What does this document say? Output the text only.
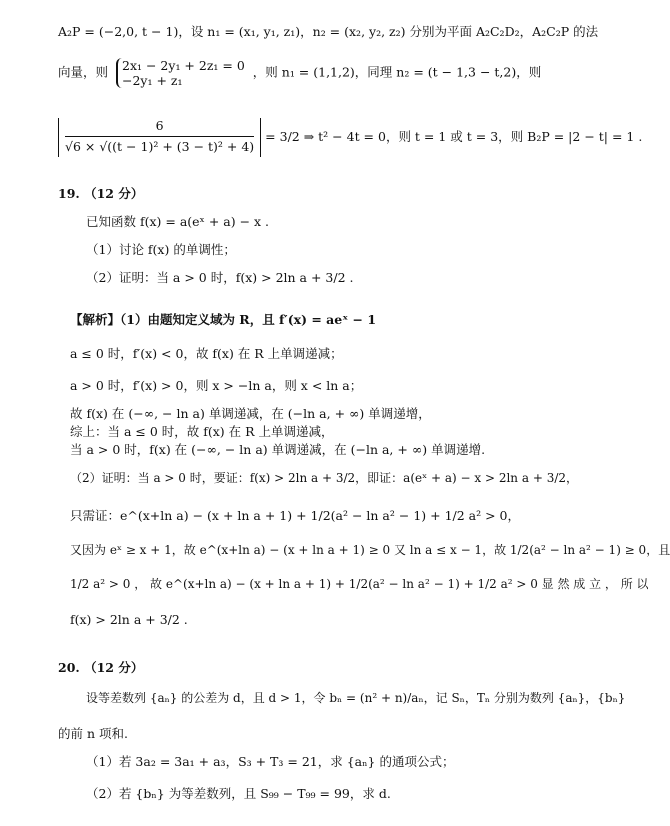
A₂P = (−2,0, t − 1)，设 n₁ = (x₁, y₁, z₁)，n₂ = (x₂, y₂, z₂) 分别为平面 A₂C₂D₂，A₂C₂P 的法
向量，则 2x₁ − 2y₁ + 2z₁ = 0
−2y₁ + z₁
，则 n₁ = (1,1,2)，同理 n₂ = (t − 1,3 − t,2)，则
$\frac{6}{\text{√6 × √((t − 1)² + (3 − t)² + 4)}} = 3/2$ ⇒ t² − 4t = 0，则 t = 1 或 t = 3，则 B₂P = |2 − t| = 1 .
19. （12 分）
已知函数 f(x) = a(eˣ + a) − x .
（1）讨论 f(x) 的单调性；
（2）证明：当 a > 0 时，f(x) > 2ln a + 3/2 .
【解析】（1）由题知定义域为 R，且 f′(x) = aeˣ − 1
a ≤ 0 时，f′(x) < 0，故 f(x) 在 R 上单调递减；
a > 0 时，f′(x) > 0，则 x > −ln a，则 x < ln a；
故 f(x) 在 (−∞, − ln a) 单调递减，在 (−ln a, + ∞) 单调递增，
综上：当 a ≤ 0 时，故 f(x) 在 R 上单调递减，
当 a > 0 时，f(x) 在 (−∞, − ln a) 单调递减，在 (−ln a, + ∞) 单调递增.
（2）证明：当 a > 0 时，要证：f(x) > 2ln a + 3/2，即证：a(eˣ + a) − x > 2ln a + 3/2，
只需证：e^(x+ln a) − (x + ln a + 1) + 1/2(a² − ln a² − 1) + 1/2 a² > 0，
又因为 eˣ ≥ x + 1，故 e^(x+ln a) − (x + ln a + 1) ≥ 0 又 ln a ≤ x − 1，故 1/2(a² − ln a² − 1) ≥ 0，且
1/2 a² > 0 ， 故 e^(x+ln a) − (x + ln a + 1) + 1/2(a² − ln a² − 1) + 1/2 a² > 0 显 然 成 立 ， 所 以
f(x) > 2ln a + 3/2 .
20. （12 分）
设等差数列 {aₙ} 的公差为 d，且 d > 1，令 bₙ = (n² + n)/aₙ，记 Sₙ，Tₙ 分别为数列 {aₙ}，{bₙ}
的前 n 项和.
（1）若 3a₂ = 3a₁ + a₃，S₃ + T₃ = 21，求 {aₙ} 的通项公式；
（2）若 {bₙ} 为等差数列，且 S₉₉ − T₉₉ = 99，求 d.
